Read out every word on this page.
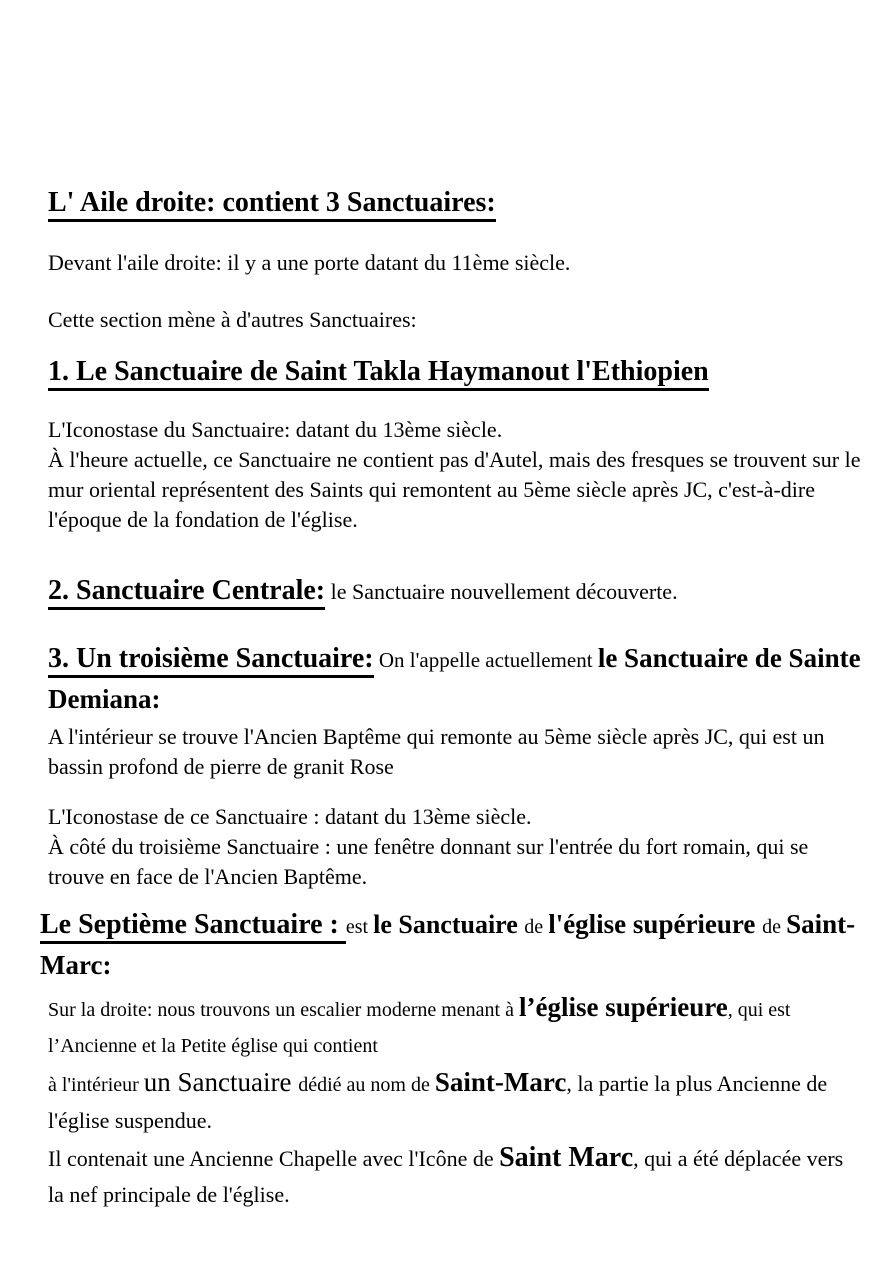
L' Aile droite: contient 3 Sanctuaires:

Devant l'aile droite: il y a une porte datant du 11ème siècle.

Cette section mène à d'autres Sanctuaires:

1. Le Sanctuaire de Saint Takla Haymanout l'Ethiopien

L'Iconostase du Sanctuaire: datant du 13ème siècle.
À l'heure actuelle, ce Sanctuaire ne contient pas d'Autel, mais des fresques se trouvent sur le mur oriental représentent des Saints qui remontent au 5ème siècle après JC, c'est-à-dire l'époque de la fondation de l'église.

2. Sanctuaire Centrale: le Sanctuaire nouvellement découverte.

3. Un troisième Sanctuaire: On l'appelle actuellement le Sanctuaire de Sainte Demiana:

A l'intérieur se trouve l'Ancien Baptême qui remonte au 5ème siècle après JC, qui est un bassin profond de pierre de granit Rose

L'Iconostase de ce Sanctuaire : datant du 13ème siècle.
À côté du troisième Sanctuaire : une fenêtre donnant sur l'entrée du fort romain, qui se trouve en face de l'Ancien Baptême.

Le Septième Sanctuaire : est le Sanctuaire de l'église supérieure de Saint-Marc:

Sur la droite: nous trouvons un escalier moderne menant à l’église supérieure, qui est l’Ancienne et la Petite église qui contient
à l'intérieur un Sanctuaire dédié au nom de Saint-Marc, la partie la plus Ancienne de l'église suspendue.

Il contenait une Ancienne Chapelle avec l'Icône de Saint Marc, qui a été déplacée vers la nef principale de l'église.
